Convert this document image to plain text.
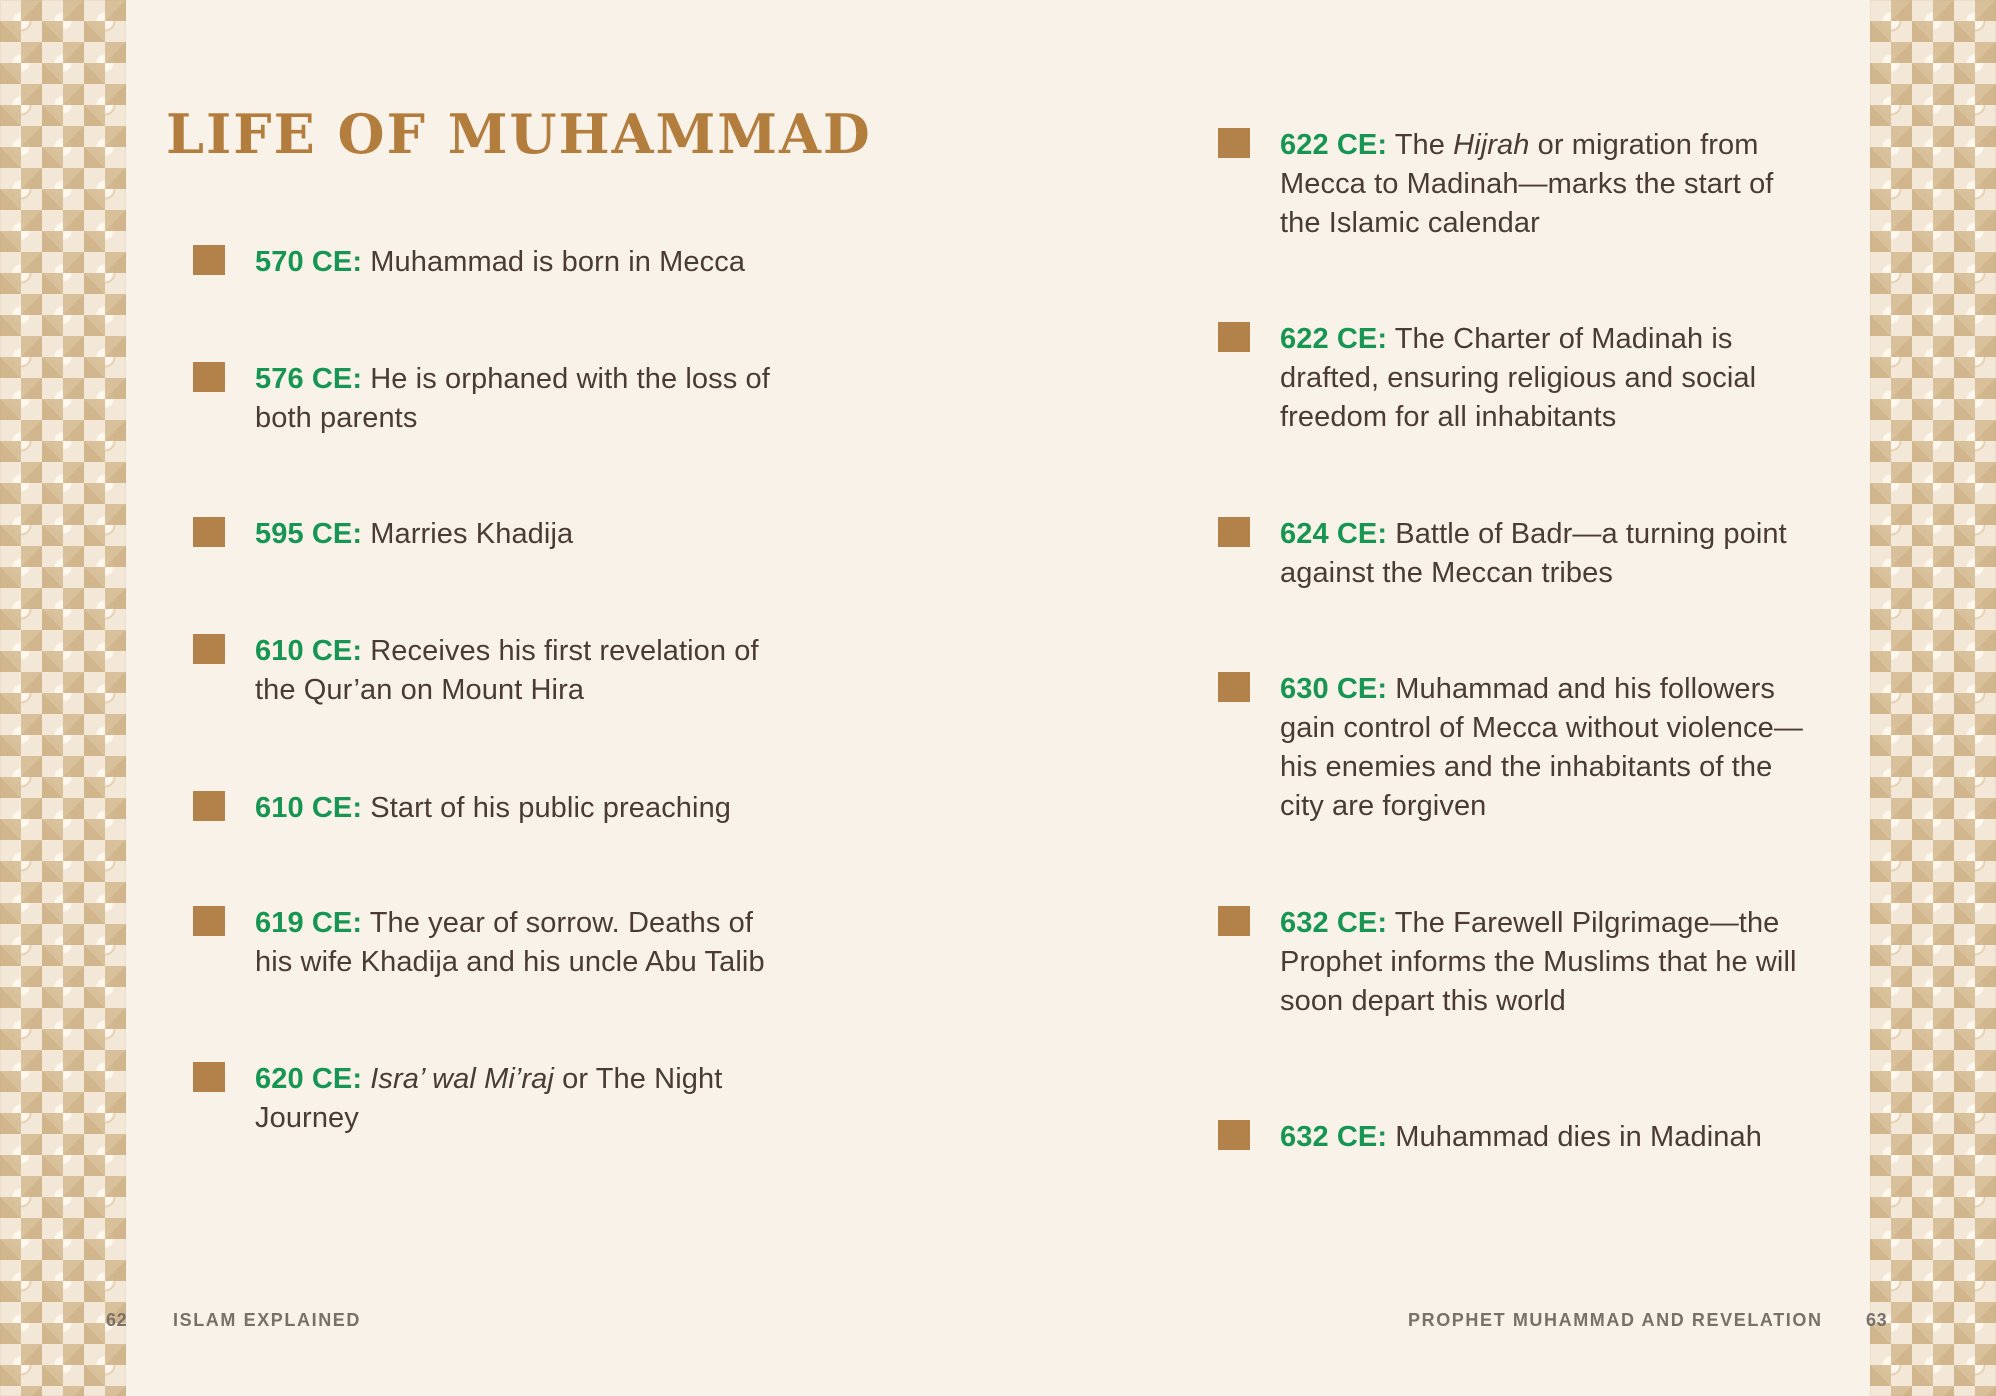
LIFE OF MUHAMMAD
570 CE: Muhammad is born in Mecca
576 CE: He is orphaned with the loss of both parents
595 CE: Marries Khadija
610 CE: Receives his first revelation of the Qur’an on Mount Hira
610 CE: Start of his public preaching
619 CE: The year of sorrow. Deaths of his wife Khadija and his uncle Abu Talib
620 CE: Isra’ wal Mi’raj or The Night Journey
622 CE: The Hijrah or migration from Mecca to Madinah—marks the start of the Islamic calendar
622 CE: The Charter of Madinah is drafted, ensuring religious and social freedom for all inhabitants
624 CE: Battle of Badr—a turning point against the Meccan tribes
630 CE: Muhammad and his followers gain control of Mecca without violence—his enemies and the inhabitants of the city are forgiven
632 CE: The Farewell Pilgrimage—the Prophet informs the Muslims that he will soon depart this world
632 CE: Muhammad dies in Madinah
62	ISLAM EXPLAINED	PROPHET MUHAMMAD AND REVELATION 63
